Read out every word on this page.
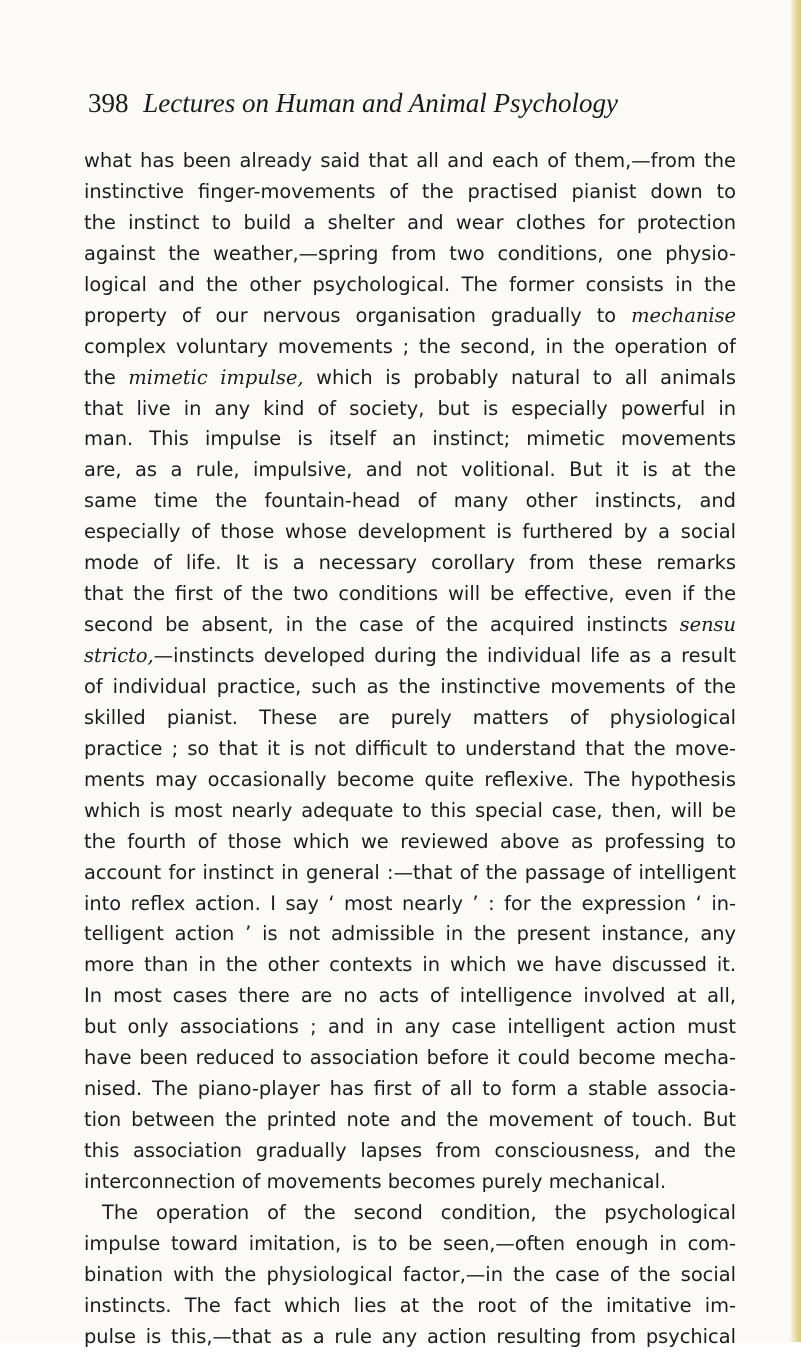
398 Lectures on Human and Animal Psychology
what has been already said that all and each of them,—from the
instinctive finger-movements of the practised pianist down to
the instinct to build a shelter and wear clothes for protection
against the weather,—spring from two conditions, one physio-
logical and the other psychological. The former consists in the
property of our nervous organisation gradually to mechanise
complex voluntary movements ; the second, in the operation of
the mimetic impulse, which is probably natural to all animals
that live in any kind of society, but is especially powerful in
man. This impulse is itself an instinct; mimetic movements
are, as a rule, impulsive, and not volitional. But it is at the
same time the fountain-head of many other instincts, and
especially of those whose development is furthered by a social
mode of life. It is a necessary corollary from these remarks
that the first of the two conditions will be effective, even if the
second be absent, in the case of the acquired instincts sensu
stricto,—instincts developed during the individual life as a result
of individual practice, such as the instinctive movements of the
skilled pianist. These are purely matters of physiological
practice ; so that it is not difficult to understand that the move-
ments may occasionally become quite reflexive. The hypothesis
which is most nearly adequate to this special case, then, will be
the fourth of those which we reviewed above as professing to
account for instinct in general :—that of the passage of intelligent
into reflex action. I say ‘ most nearly ’ : for the expression ‘ in-
telligent action ’ is not admissible in the present instance, any
more than in the other contexts in which we have discussed it.
In most cases there are no acts of intelligence involved at all,
but only associations ; and in any case intelligent action must
have been reduced to association before it could become mecha-
nised. The piano-player has first of all to form a stable associa-
tion between the printed note and the movement of touch. But
this association gradually lapses from consciousness, and the
interconnection of movements becomes purely mechanical.
The operation of the second condition, the psychological
impulse toward imitation, is to be seen,—often enough in com-
bination with the physiological factor,—in the case of the social
instincts. The fact which lies at the root of the imitative im-
pulse is this,—that as a rule any action resulting from psychical
